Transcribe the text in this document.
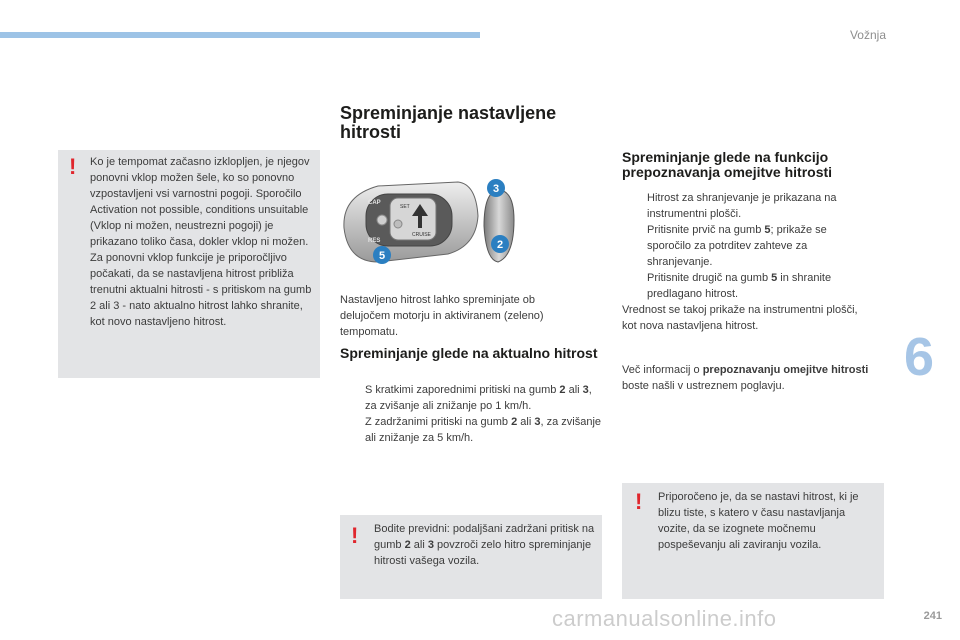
Vožnja
6
! Ko je tempomat začasno izklopljen, je njegov ponovni vklop možen šele, ko so ponovno vzpostavljeni vsi varnostni pogoji. Sporočilo Activation not possible, conditions unsuitable (Vklop ni možen, neustrezni pogoji) je prikazano toliko časa, dokler vklop ni možen.

Za ponovni vklop funkcije je priporočljivo počakati, da se nastavljena hitrost približa trenutni aktualni hitrosti - s pritiskom na gumb 2 ali 3 - nato aktualno hitrost lahko shranite, kot novo nastavljeno hitrost.

Spreminjanje nastavljene hitrosti
CAP
SET
RES
CRUISE
3
2
5

Nastavljeno hitrost lahko spreminjate ob delujočem motorju in aktiviranem (zeleno) tempomatu.

Spreminjanje glede na aktualno hitrost
S kratkimi zaporednimi pritiski na gumb 2 ali 3, za zvišanje ali znižanje po 1 km/h.
Z zadržanimi pritiski na gumb 2 ali 3, za zvišanje ali znižanje za 5 km/h.
! Bodite previdni: podaljšani zadržani pritisk na gumb 2 ali 3 povzroči zelo hitro spreminjanje hitrosti vašega vozila.

Spreminjanje glede na funkcijo prepoznavanja omejitve hitrosti
Hitrost za shranjevanje je prikazana na instrumentni plošči.
Pritisnite prvič na gumb 5; prikaže se sporočilo za potrditev zahteve za shranjevanje.
Pritisnite drugič na gumb 5 in shranite predlagano hitrost.

Vrednost se takoj prikaže na instrumentni plošči, kot nova nastavljena hitrost.

Več informacij o prepoznavanju omejitve hitrosti boste našli v ustreznem poglavju.

! Priporočeno je, da se nastavi hitrost, ki je blizu tiste, s katero v času nastavljanja vozite, da se izognete močnemu pospeševanju ali zaviranju vozila.

carmanualsonline.info	241
